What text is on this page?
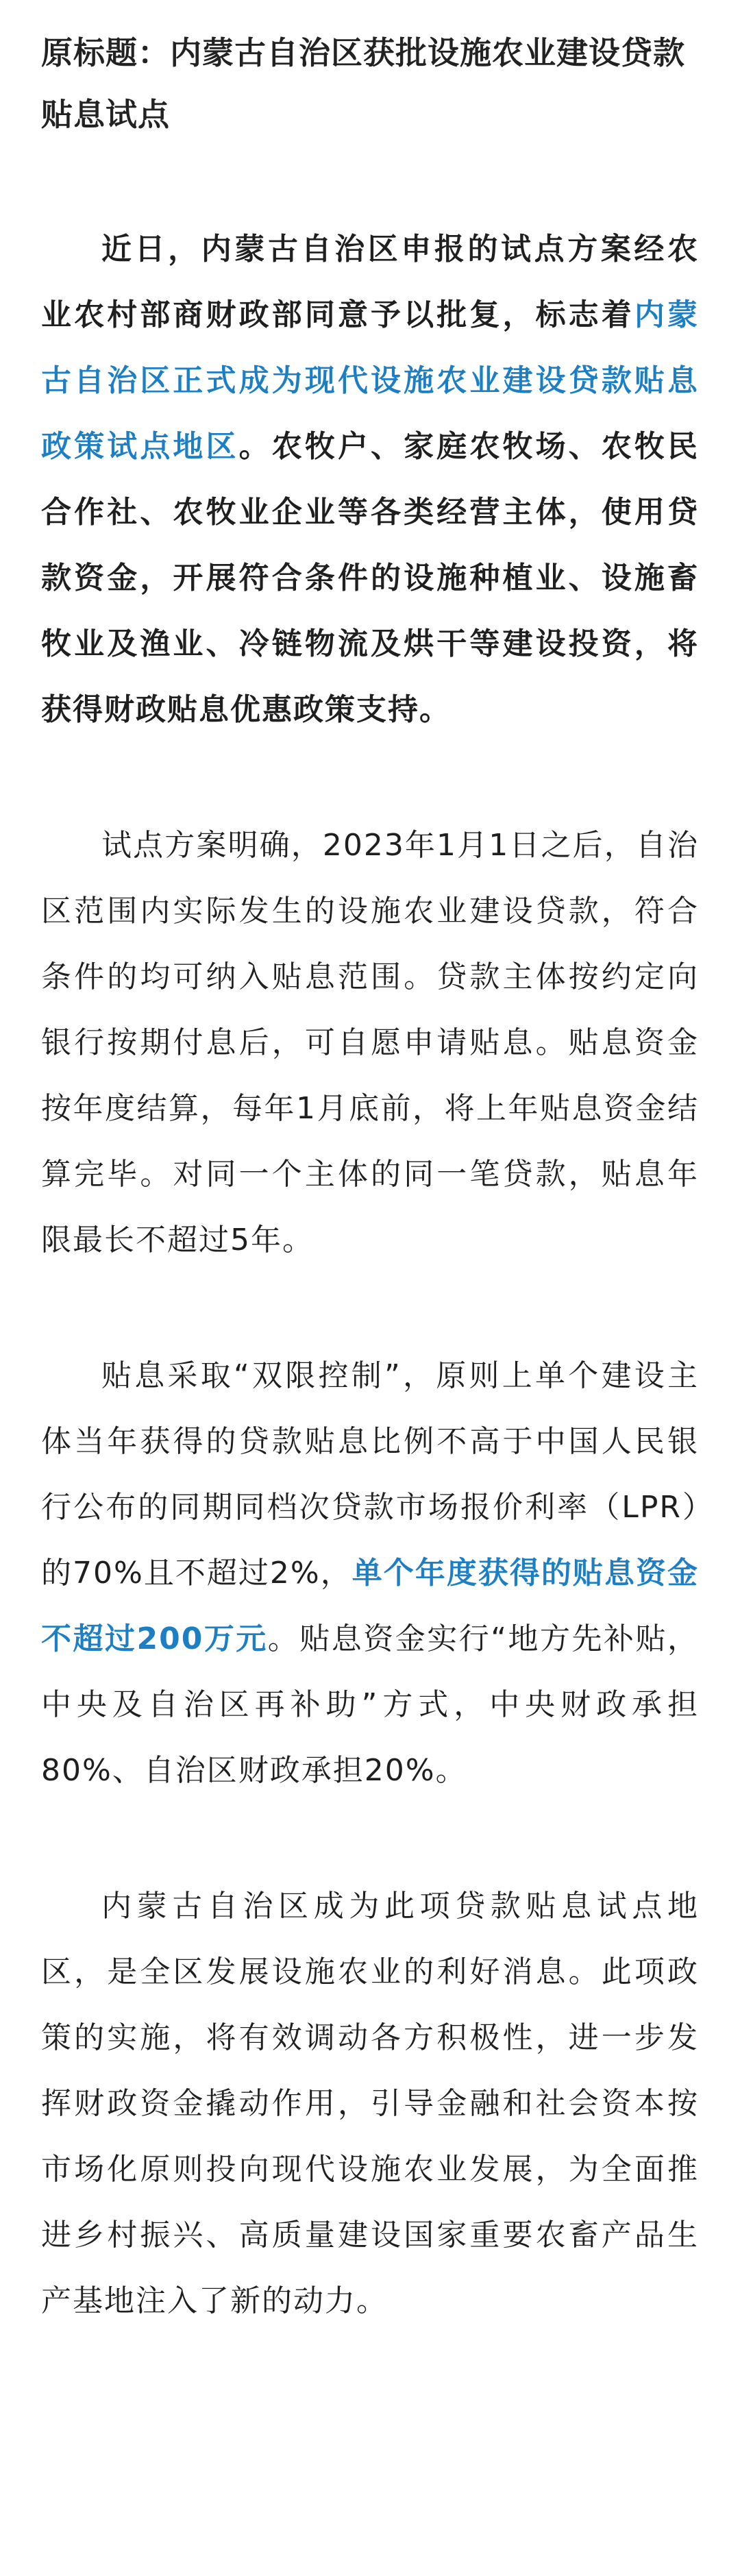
原标题：内蒙古自治区获批设施农业建设贷款贴息试点

近日，内蒙古自治区申报的试点方案经农业农村部商财政部同意予以批复，标志着内蒙古自治区正式成为现代设施农业建设贷款贴息政策试点地区。农牧户、家庭农牧场、农牧民合作社、农牧业企业等各类经营主体，使用贷款资金，开展符合条件的设施种植业、设施畜牧业及渔业、冷链物流及烘干等建设投资，将获得财政贴息优惠政策支持。

试点方案明确，2023年1月1日之后，自治区范围内实际发生的设施农业建设贷款，符合条件的均可纳入贴息范围。贷款主体按约定向银行按期付息后，可自愿申请贴息。贴息资金按年度结算，每年1月底前，将上年贴息资金结算完毕。对同一个主体的同一笔贷款，贴息年限最长不超过5年。

贴息采取“双限控制”，原则上单个建设主体当年获得的贷款贴息比例不高于中国人民银行公布的同期同档次贷款市场报价利率（LPR）的70%且不超过2%，单个年度获得的贴息资金不超过200万元。贴息资金实行“地方先补贴，中央及自治区再补助”方式，中央财政承担80%、自治区财政承担20%。

内蒙古自治区成为此项贷款贴息试点地区，是全区发展设施农业的利好消息。此项政策的实施，将有效调动各方积极性，进一步发挥财政资金撬动作用，引导金融和社会资本按市场化原则投向现代设施农业发展，为全面推进乡村振兴、高质量建设国家重要农畜产品生产基地注入了新的动力。
